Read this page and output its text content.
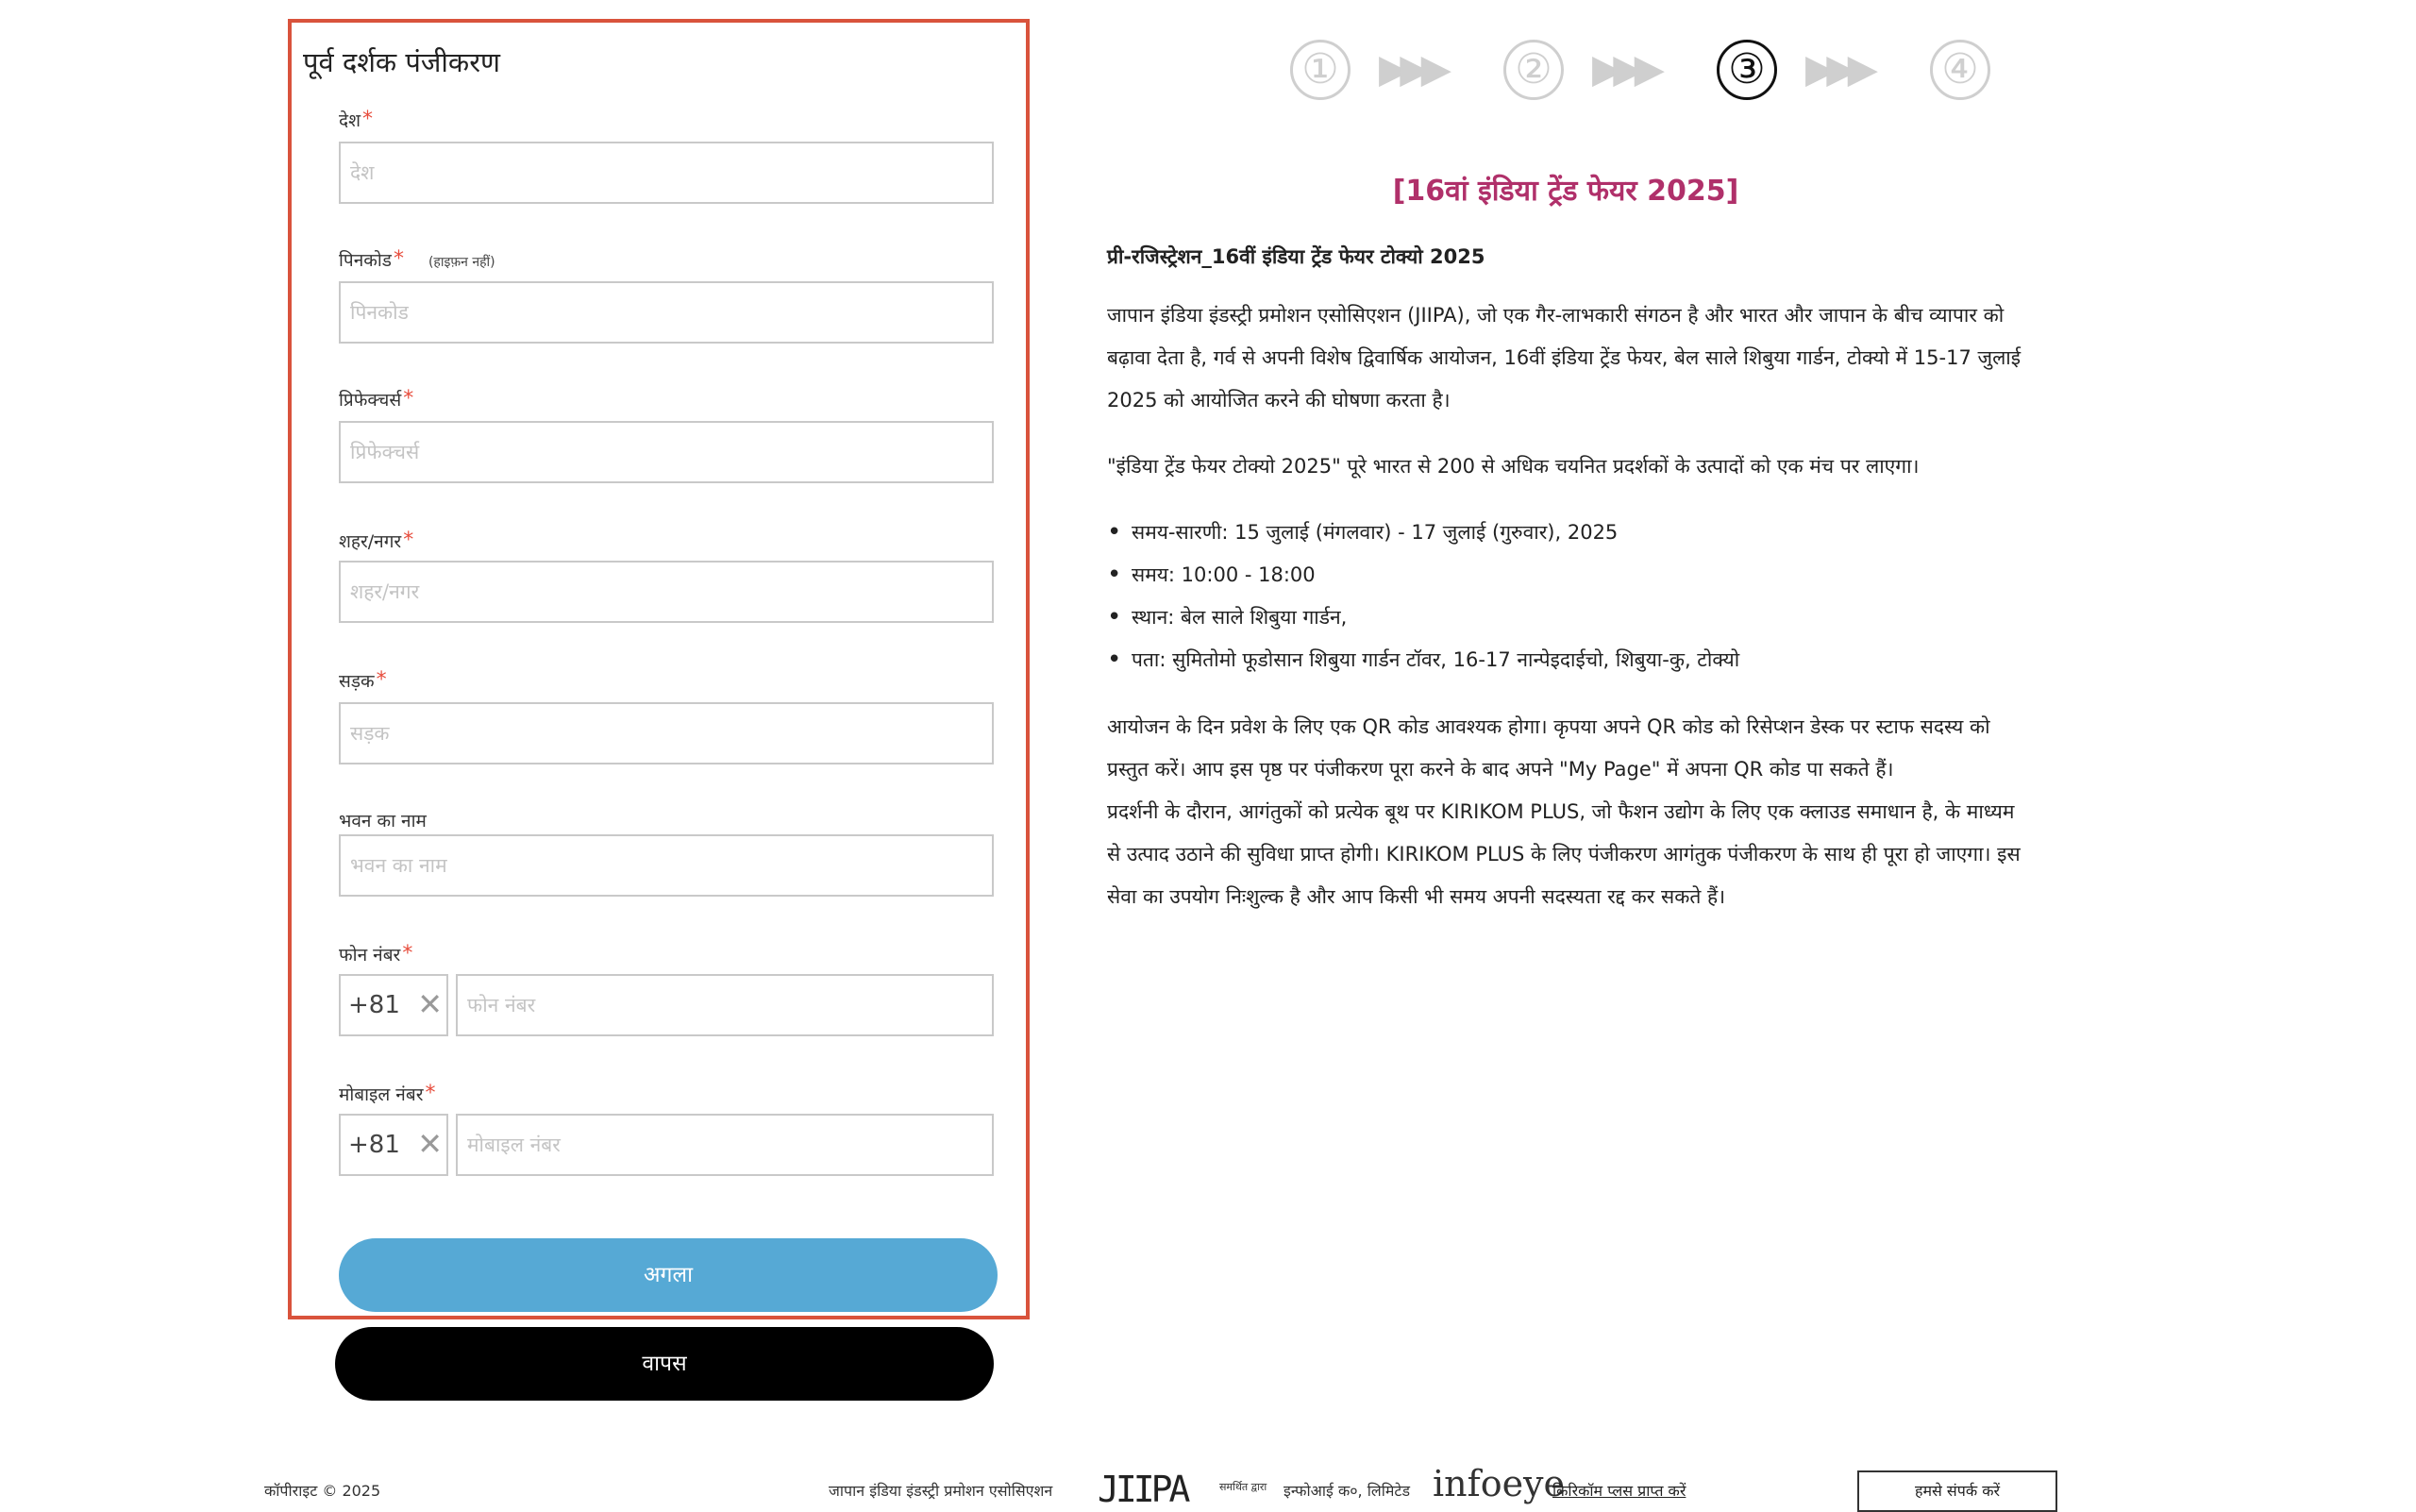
पूर्व दर्शक पंजीकरण
देश*
देश
पिनकोड* (हाइफ़न नहीं)
पिनकोड
प्रिफेक्चर्स*
प्रिफेक्चर्स
शहर/नगर*
शहर/नगर
सड़क*
सड़क
भवन का नाम
भवन का नाम
फोन नंबर*
+81 ✕
फोन नंबर
मोबाइल नंबर*
+81 ✕
मोबाइल नंबर
अगला
वापस
① ▶▶▶ ② ▶▶▶ ③ ▶▶▶ ④
[16वां इंडिया ट्रेंड फेयर 2025]
प्री-रजिस्ट्रेशन_16वीं इंडिया ट्रेंड फेयर टोक्यो 2025

जापान इंडिया इंडस्ट्री प्रमोशन एसोसिएशन (JIIPA), जो एक गैर-लाभकारी संगठन है और भारत और जापान के बीच व्यापार को बढ़ावा देता है, गर्व से अपनी विशेष द्विवार्षिक आयोजन, 16वीं इंडिया ट्रेंड फेयर, बेल साले शिबुया गार्डन, टोक्यो में 15-17 जुलाई 2025 को आयोजित करने की घोषणा करता है।

"इंडिया ट्रेंड फेयर टोक्यो 2025" पूरे भारत से 200 से अधिक चयनित प्रदर्शकों के उत्पादों को एक मंच पर लाएगा।

• समय-सारणी: 15 जुलाई (मंगलवार) - 17 जुलाई (गुरुवार), 2025
• समय: 10:00 - 18:00
• स्थान: बेल साले शिबुया गार्डन,
• पता: सुमितोमो फूडोसान शिबुया गार्डन टॉवर, 16-17 नान्पेइदाईचो, शिबुया-कु, टोक्यो

आयोजन के दिन प्रवेश के लिए एक QR कोड आवश्यक होगा। कृपया अपने QR कोड को रिसेप्शन डेस्क पर स्टाफ सदस्य को प्रस्तुत करें। आप इस पृष्ठ पर पंजीकरण पूरा करने के बाद अपने "My Page" में अपना QR कोड पा सकते हैं।

प्रदर्शनी के दौरान, आगंतुकों को प्रत्येक बूथ पर KIRIKOM PLUS, जो फैशन उद्योग के लिए एक क्लाउड समाधान है, के माध्यम से उत्पाद उठाने की सुविधा प्राप्त होगी। KIRIKOM PLUS के लिए पंजीकरण आगंतुक पंजीकरण के साथ ही पूरा हो जाएगा। इस सेवा का उपयोग निःशुल्क है और आप किसी भी समय अपनी सदस्यता रद्द कर सकते हैं।

कॉपीराइट © 2025	जापान इंडिया इंडस्ट्री प्रमोशन एसोसिएशन JIIPA	समर्थित द्वारा इन्फोआई क०, लिमिटेड infoeye
किरिकॉम प्लस प्राप्त करें	हमसे संपर्क करें
